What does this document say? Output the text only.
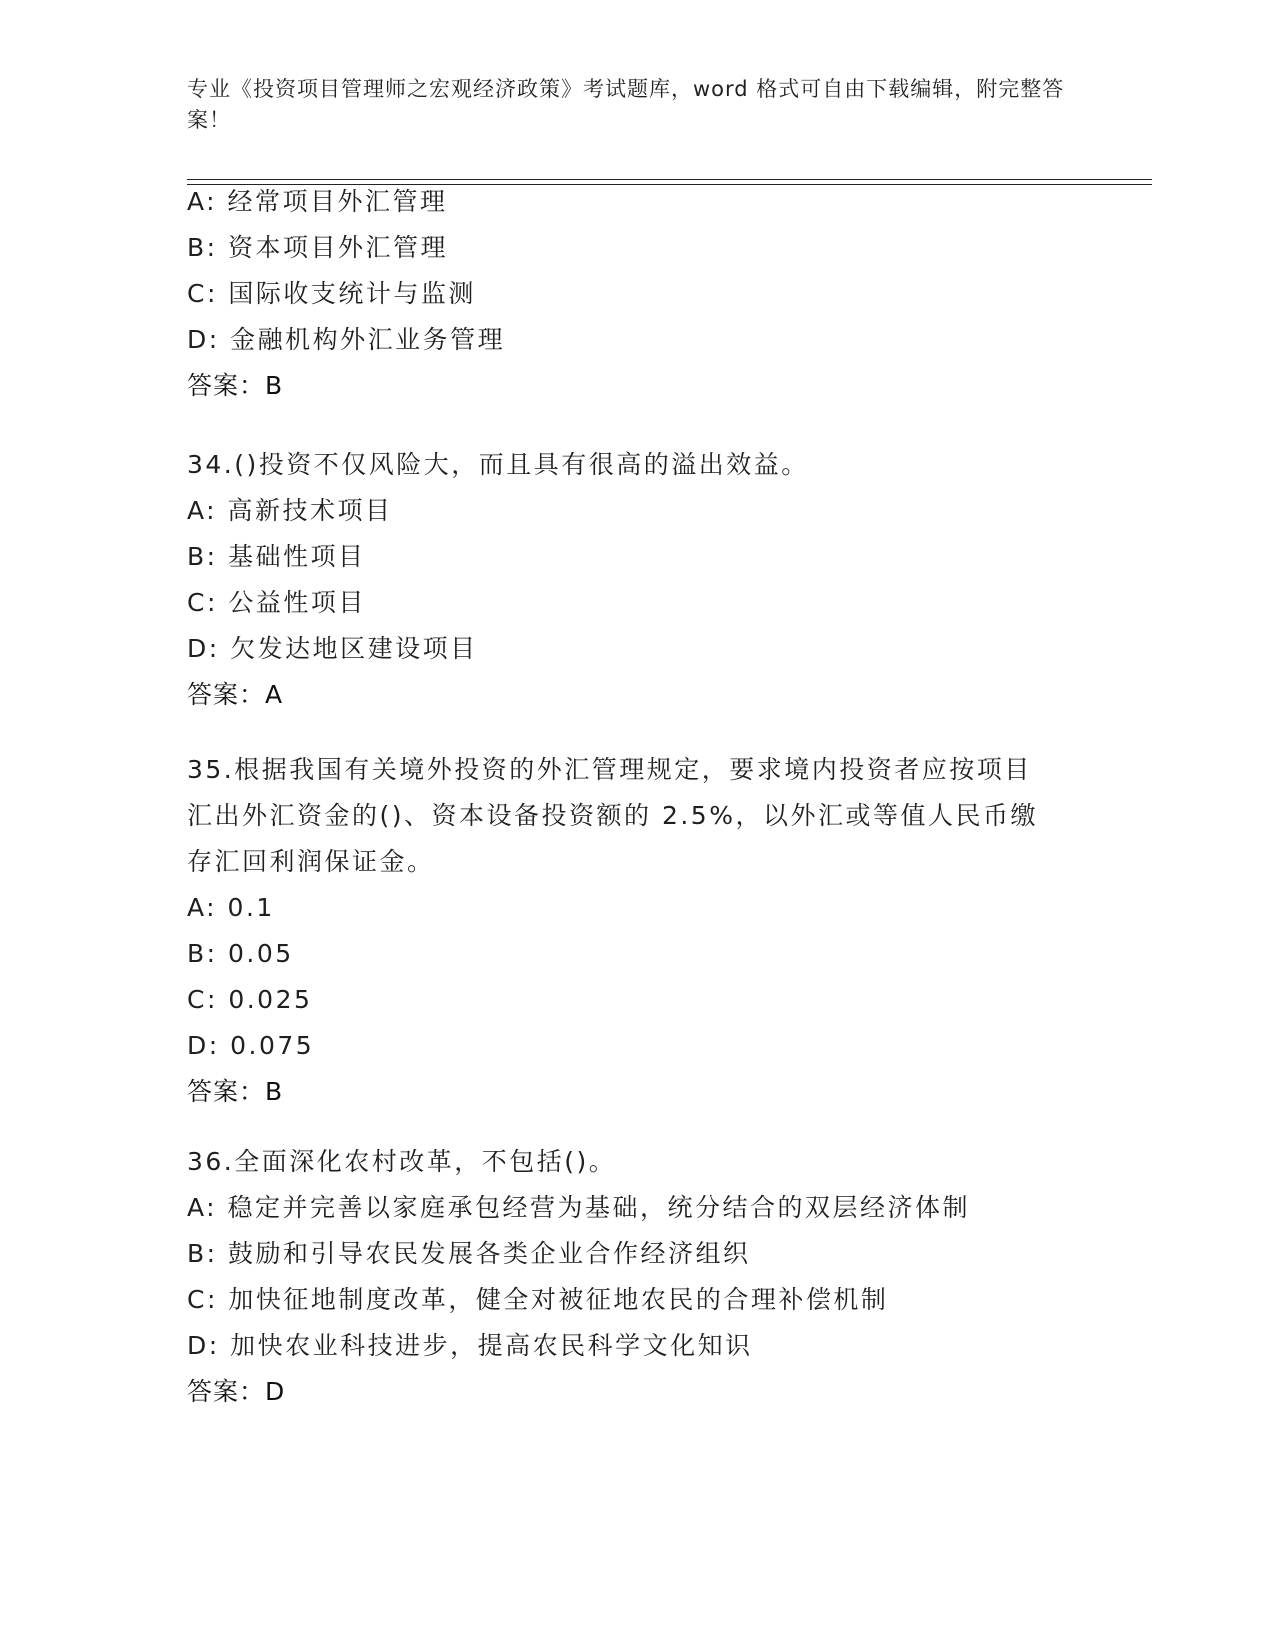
专业《投资项目管理师之宏观经济政策》考试题库，word 格式可自由下载编辑，附完整答案！
A: 经常项目外汇管理
B: 资本项目外汇管理
C: 国际收支统计与监测
D: 金融机构外汇业务管理
答案：B
34.()投资不仅风险大，而且具有很高的溢出效益。
A: 高新技术项目
B: 基础性项目
C: 公益性项目
D: 欠发达地区建设项目
答案：A
35.根据我国有关境外投资的外汇管理规定，要求境内投资者应按项目
汇出外汇资金的()、资本设备投资额的 2.5%，以外汇或等值人民币缴
存汇回利润保证金。
A: 0.1
B: 0.05
C: 0.025
D: 0.075
答案：B
36.全面深化农村改革，不包括()。
A: 稳定并完善以家庭承包经营为基础，统分结合的双层经济体制
B: 鼓励和引导农民发展各类企业合作经济组织
C: 加快征地制度改革，健全对被征地农民的合理补偿机制
D: 加快农业科技进步，提高农民科学文化知识
答案：D
